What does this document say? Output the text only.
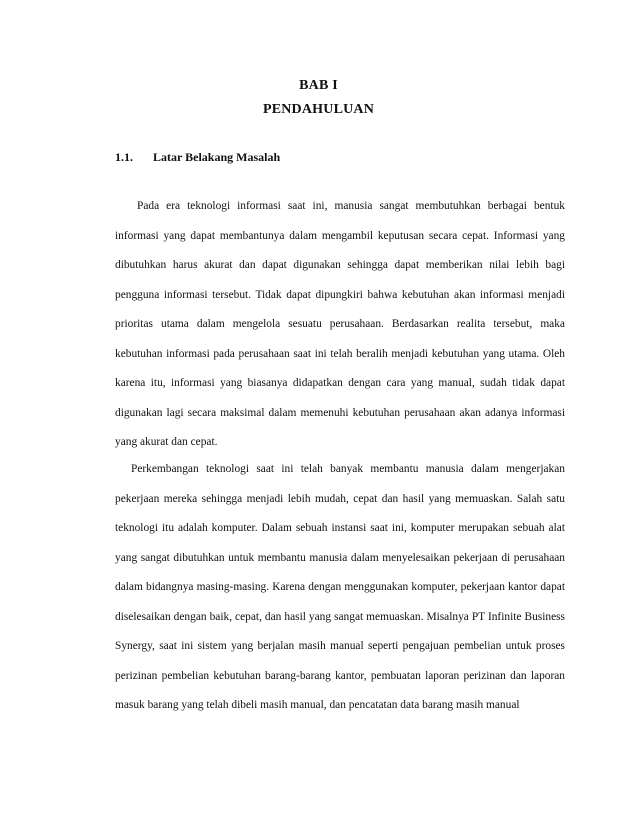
BAB I
PENDAHULUAN
1.1. Latar Belakang Masalah

Pada era teknologi informasi saat ini, manusia sangat membutuhkan berbagai bentuk informasi yang dapat membantunya dalam mengambil keputusan secara cepat. Informasi yang dibutuhkan harus akurat dan dapat digunakan sehingga dapat memberikan nilai lebih bagi pengguna informasi tersebut. Tidak dapat dipungkiri bahwa kebutuhan akan informasi menjadi prioritas utama dalam mengelola sesuatu perusahaan. Berdasarkan realita tersebut, maka kebutuhan informasi pada perusahaan saat ini telah beralih menjadi kebutuhan yang utama. Oleh karena itu, informasi yang biasanya didapatkan dengan cara yang manual, sudah tidak dapat digunakan lagi secara maksimal dalam memenuhi kebutuhan perusahaan akan adanya informasi yang akurat dan cepat.

Perkembangan teknologi saat ini telah banyak membantu manusia dalam mengerjakan pekerjaan mereka sehingga menjadi lebih mudah, cepat dan hasil yang memuaskan. Salah satu teknologi itu adalah komputer. Dalam sebuah instansi saat ini, komputer merupakan sebuah alat yang sangat dibutuhkan untuk membantu manusia dalam menyelesaikan pekerjaan di perusahaan dalam bidangnya masing-masing. Karena dengan menggunakan komputer, pekerjaan kantor dapat diselesaikan dengan baik, cepat, dan hasil yang sangat memuaskan. Misalnya PT Infinite Business Synergy, saat ini sistem yang berjalan masih manual seperti pengajuan pembelian untuk proses perizinan pembelian kebutuhan barang-barang kantor, pembuatan laporan perizinan dan laporan masuk barang yang telah dibeli masih manual, dan pencatatan data barang masih manual
